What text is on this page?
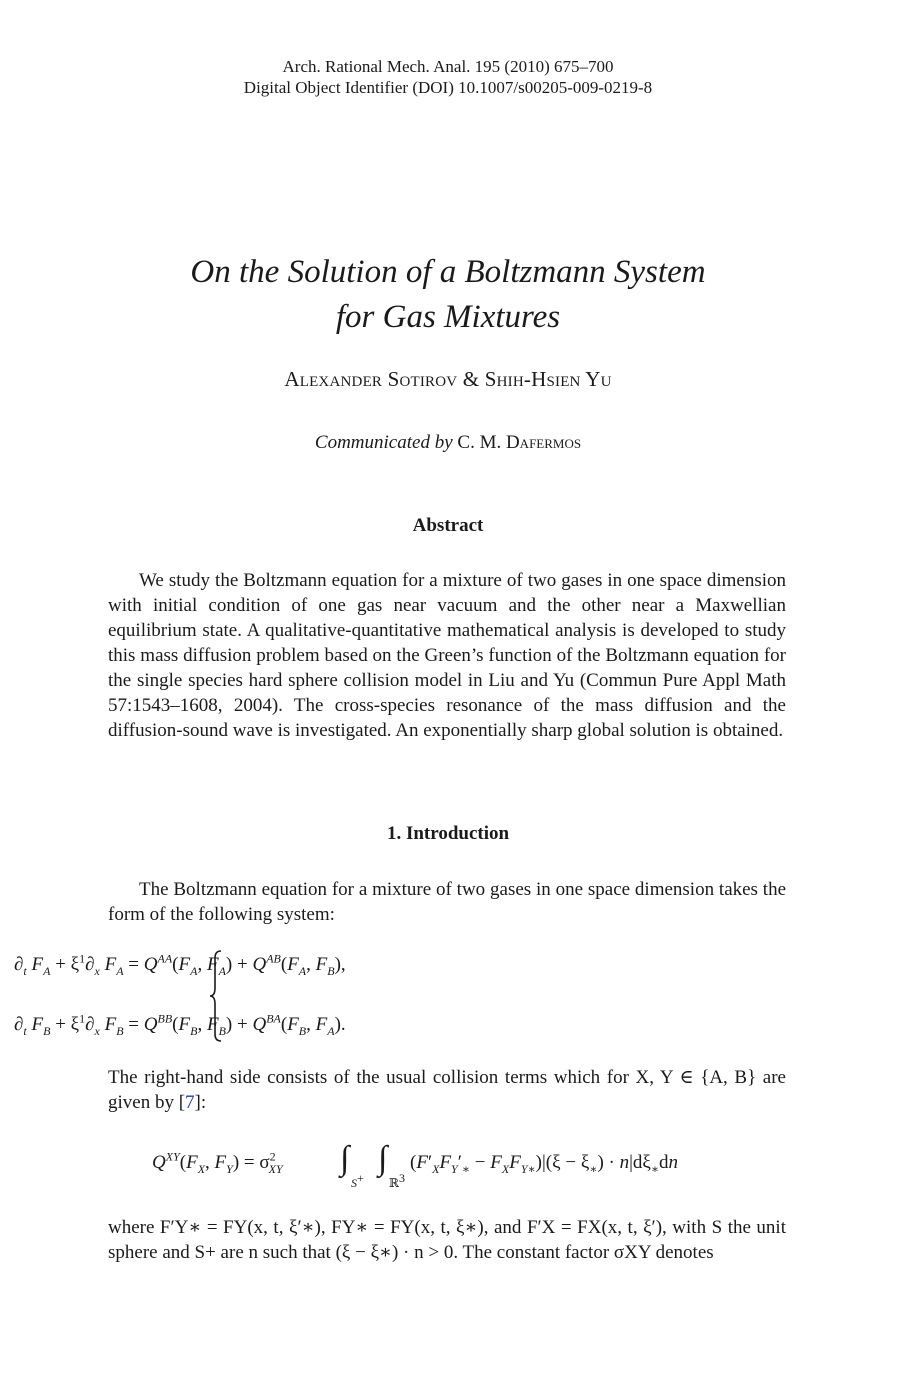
Arch. Rational Mech. Anal. 195 (2010) 675–700
Digital Object Identifier (DOI) 10.1007/s00205-009-0219-8
On the Solution of a Boltzmann System
for Gas Mixtures
Alexander Sotirov & Shih-Hsien Yu
Communicated by C. M. Dafermos
Abstract
We study the Boltzmann equation for a mixture of two gases in one space dimension with initial condition of one gas near vacuum and the other near a Maxwellian equilibrium state. A qualitative-quantitative mathematical analysis is developed to study this mass diffusion problem based on the Green’s function of the Boltzmann equation for the single species hard sphere collision model in Liu and Yu (Commun Pure Appl Math 57:1543–1608, 2004). The cross-species resonance of the mass diffusion and the diffusion-sound wave is investigated. An exponentially sharp global solution is obtained.
1. Introduction
The Boltzmann equation for a mixture of two gases in one space dimension takes the form of the following system:
$\partial_t$ $F_A + \xi^1\partial_x$ $F_A = Q^{AA}(F_A$, $F_A) + Q^{AB}(F_A$, $F_B$),
$\partial_t$ $F_B + \xi^1\partial_x$ $F_B = Q^{BB}(F_B$, $F_B) + Q^{BA}(F_B$, $F_A$).
The right-hand side consists of the usual collision terms which for X, Y ∈ {A, B} are given by [7]:
$Q^{XY}(F_X$, $F_Y) = \sigma^2_{XY}$ ∫
S+
∫
ℝ$^3$
$(F'_XF_Y'_∗ - F_XF_{Y∗})|(\xi - \xi_∗) \cdot n|d\xi_∗dn$
where F′Y∗ = FY(x, t, ξ′∗), FY∗ = FY(x, t, ξ∗), and F′X = FX(x, t, ξ′), with S the unit sphere and S+ are n such that (ξ − ξ∗) · n > 0. The constant factor σXY denotes
